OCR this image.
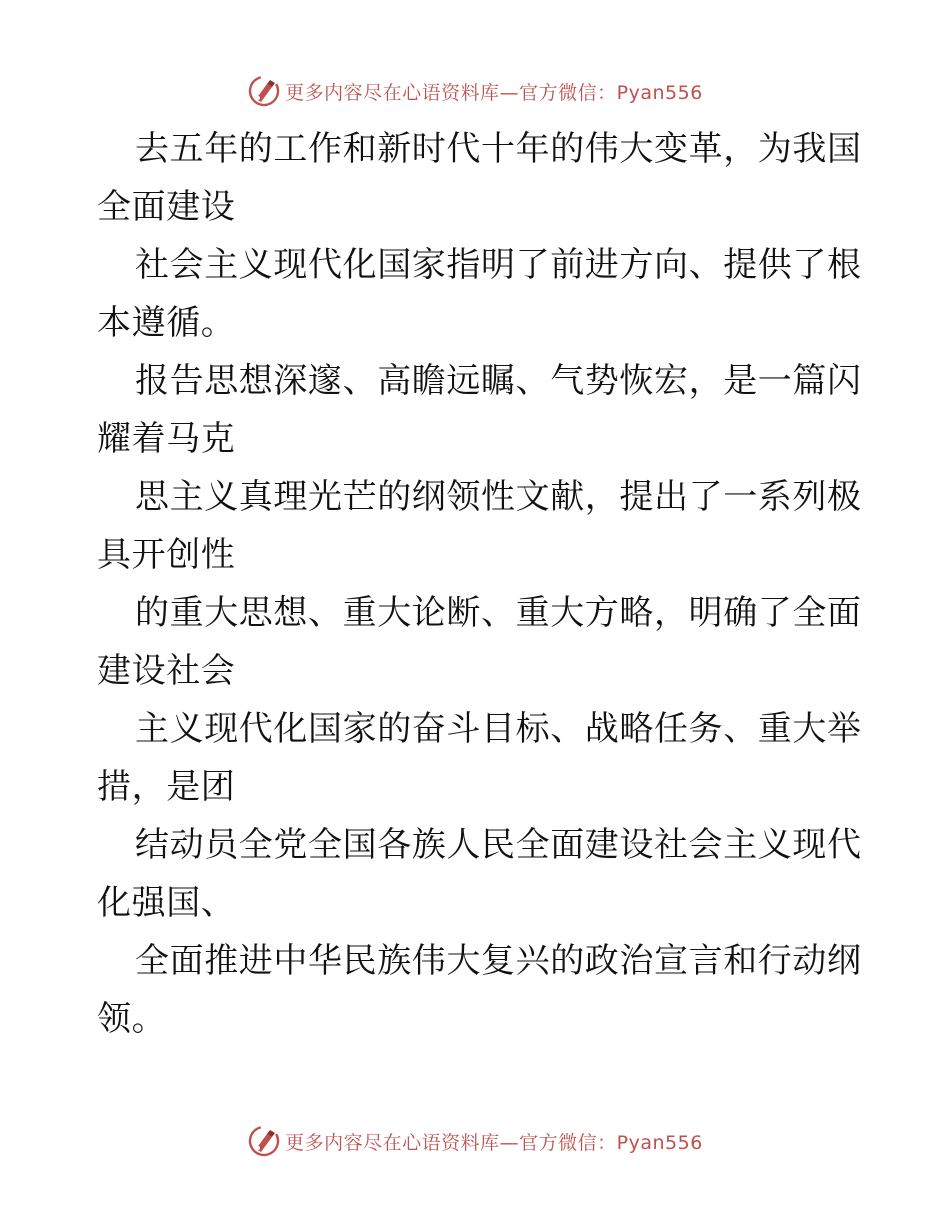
更多内容尽在心语资料库—官方微信：Pyan556
去五年的工作和新时代十年的伟大变革，为我国
全面建设
社会主义现代化国家指明了前进方向、提供了根
本遵循。
报告思想深邃、高瞻远瞩、气势恢宏，是一篇闪
耀着马克
思主义真理光芒的纲领性文献，提出了一系列极
具开创性
的重大思想、重大论断、重大方略，明确了全面
建设社会
主义现代化国家的奋斗目标、战略任务、重大举
措，是团
结动员全党全国各族人民全面建设社会主义现代
化强国、
全面推进中华民族伟大复兴的政治宣言和行动纲
领。
更多内容尽在心语资料库—官方微信：Pyan556
